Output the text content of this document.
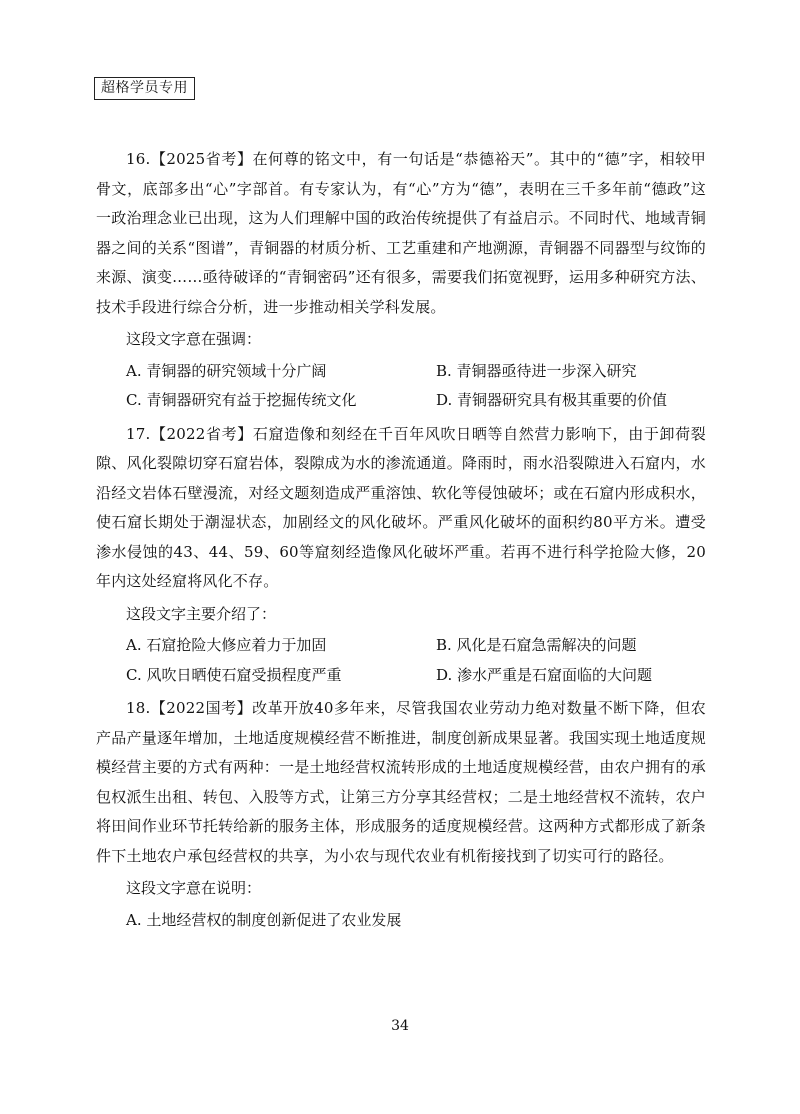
超格学员专用

16.【2025省考】在何尊的铭文中，有一句话是“恭德裕天”。其中的“德”字，相较甲骨文，底部多出“心”字部首。有专家认为，有“心”方为“德”，表明在三千多年前“德政”这一政治理念业已出现，这为人们理解中国的政治传统提供了有益启示。不同时代、地域青铜器之间的关系“图谱”，青铜器的材质分析、工艺重建和产地溯源，青铜器不同器型与纹饰的来源、演变……亟待破译的“青铜密码”还有很多，需要我们拓宽视野，运用多种研究方法、技术手段进行综合分析，进一步推动相关学科发展。

这段文字意在强调：
A. 青铜器的研究领域十分广阔	B. 青铜器亟待进一步深入研究
C. 青铜器研究有益于挖掘传统文化	D. 青铜器研究具有极其重要的价值

17.【2022省考】石窟造像和刻经在千百年风吹日晒等自然营力影响下，由于卸荷裂隙、风化裂隙切穿石窟岩体，裂隙成为水的渗流通道。降雨时，雨水沿裂隙进入石窟内，水沿经文岩体石壁漫流，对经文题刻造成严重溶蚀、软化等侵蚀破坏；或在石窟内形成积水，使石窟长期处于潮湿状态，加剧经文的风化破坏。严重风化破坏的面积约80平方米。遭受渗水侵蚀的43、44、59、60等窟刻经造像风化破坏严重。若再不进行科学抢险大修，20年内这处经窟将风化不存。

这段文字主要介绍了：
A. 石窟抢险大修应着力于加固	B. 风化是石窟急需解决的问题
C. 风吹日晒使石窟受损程度严重	D. 渗水严重是石窟面临的大问题

18.【2022国考】改革开放40多年来，尽管我国农业劳动力绝对数量不断下降，但农产品产量逐年增加，土地适度规模经营不断推进，制度创新成果显著。我国实现土地适度规模经营主要的方式有两种：一是土地经营权流转形成的土地适度规模经营，由农户拥有的承包权派生出租、转包、入股等方式，让第三方分享其经营权；二是土地经营权不流转，农户将田间作业环节托转给新的服务主体，形成服务的适度规模经营。这两种方式都形成了新条件下土地农户承包经营权的共享，为小农与现代农业有机衔接找到了切实可行的路径。

这段文字意在说明：
A. 土地经营权的制度创新促进了农业发展
34
